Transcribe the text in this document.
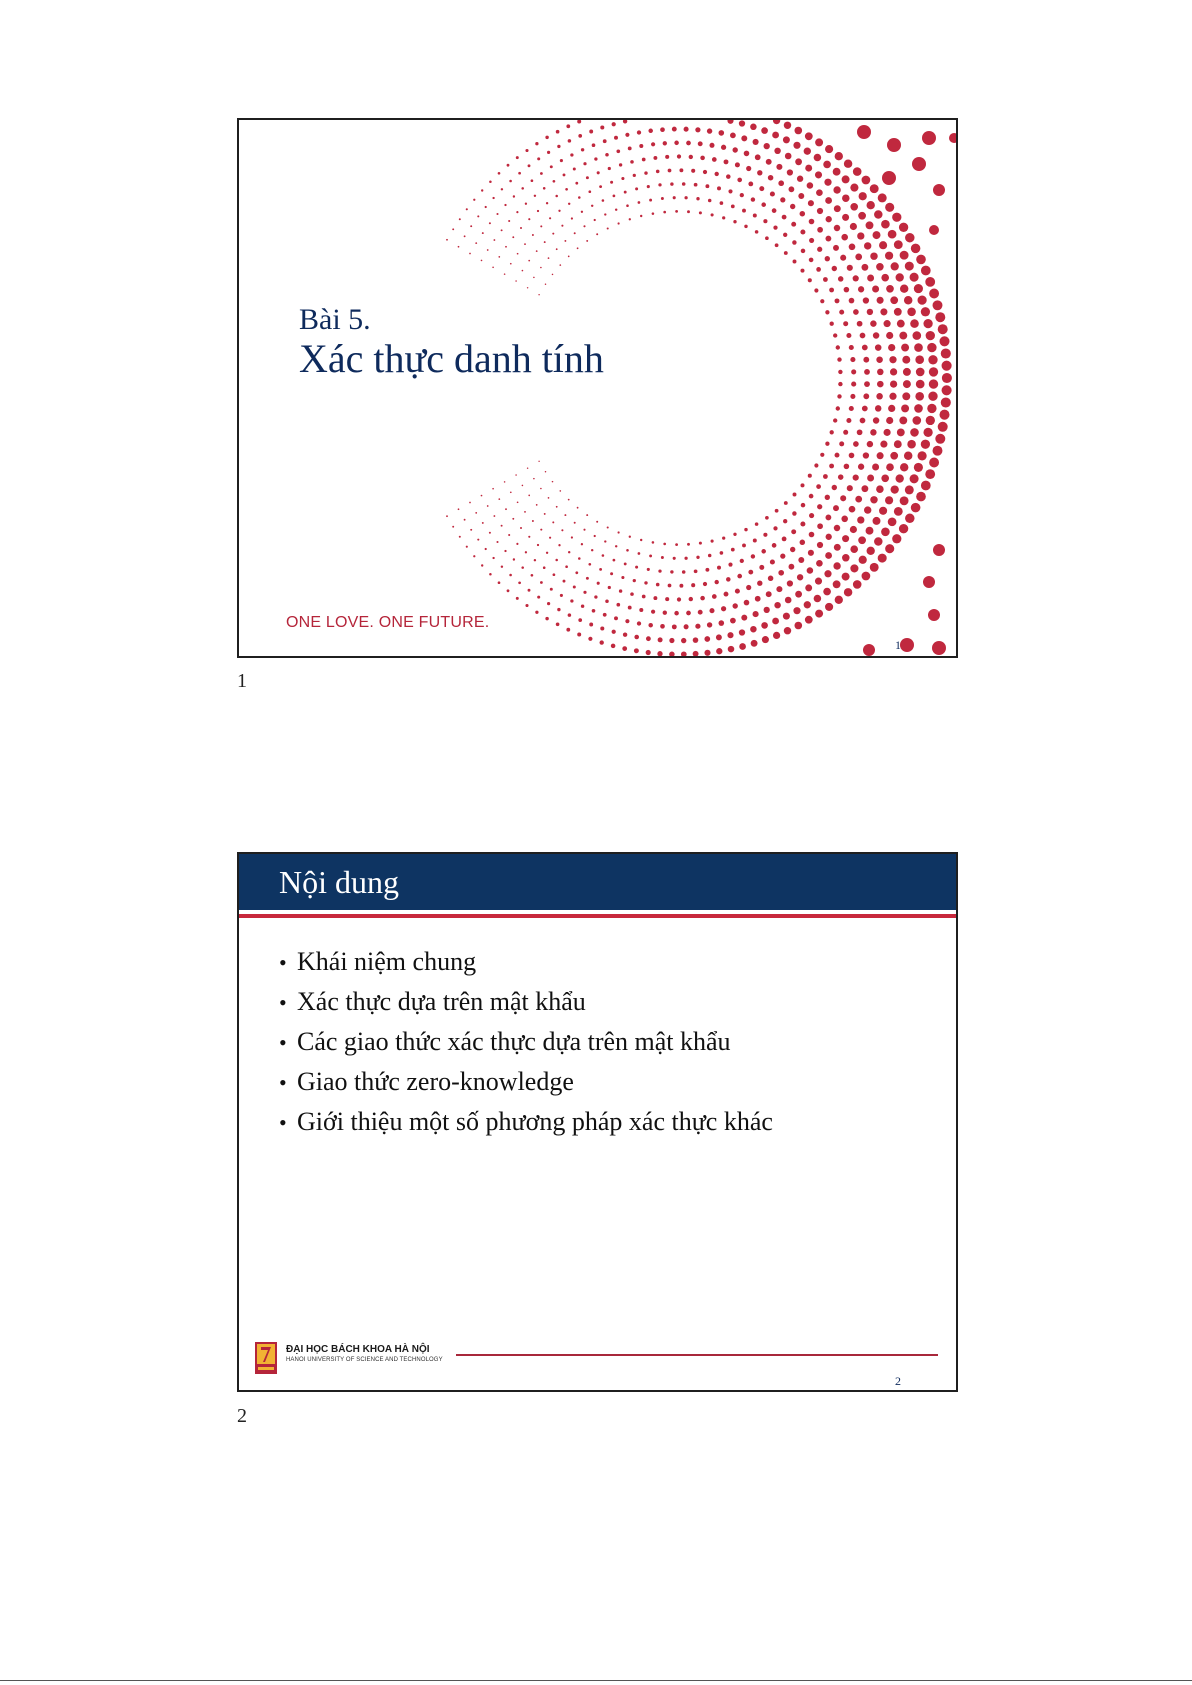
Bài 5.
Xác thực danh tính
ONE LOVE. ONE FUTURE.
1
1
Nội dung
• Khái niệm chung
• Xác thực dựa trên mật khẩu
• Các giao thức xác thực dựa trên mật khẩu
• Giao thức zero-knowledge
• Giới thiệu một số phương pháp xác thực khác
ĐẠI HỌC BÁCH KHOA HÀ NỘI
HANOI UNIVERSITY OF SCIENCE AND TECHNOLOGY
2
2
